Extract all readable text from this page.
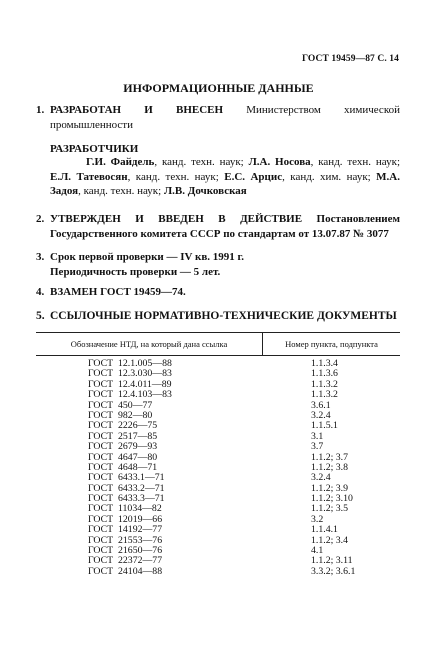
ГОСТ 19459—87 С. 14
ИНФОРМАЦИОННЫЕ ДАННЫЕ
1. РАЗРАБОТАН И ВНЕСЕН Министерством химической промышленности
РАЗРАБОТЧИКИ
Г.И. Файдель, канд. техн. наук; Л.А. Носова, канд. техн. наук; Е.Л. Татевосян, канд. техн. наук; Е.С. Арцис, канд. хим. наук; М.А. Задоя, канд. техн. наук; Л.В. Дочковская
2. УТВЕРЖДЕН И ВВЕДЕН В ДЕЙСТВИЕ Постановлением Государственного комитета СССР по стандартам от 13.07.87 № 3077
3. Срок первой проверки — IV кв. 1991 г.
Периодичность проверки — 5 лет.
4. ВЗАМЕН ГОСТ 19459—74.
5. ССЫЛОЧНЫЕ НОРМАТИВНО-ТЕХНИЧЕСКИЕ ДОКУМЕНТЫ
Обозначение НТД, на который дана ссылка	Номер пункта, подпункта
ГОСТ 12.1.005—88	1.1.3.4
ГОСТ 12.3.030—83	1.1.3.6
ГОСТ 12.4.011—89	1.1.3.2
ГОСТ 12.4.103—83	1.1.3.2
ГОСТ 450—77	3.6.1
ГОСТ 982—80	3.2.4
ГОСТ 2226—75	1.1.5.1
ГОСТ 2517—85	3.1
ГОСТ 2679—93	3.7
ГОСТ 4647—80	1.1.2; 3.7
ГОСТ 4648—71	1.1.2; 3.8
ГОСТ 6433.1—71	3.2.4
ГОСТ 6433.2—71	1.1.2; 3.9
ГОСТ 6433.3—71	1.1.2; 3.10
ГОСТ 11034—82	1.1.2; 3.5
ГОСТ 12019—66	3.2
ГОСТ 14192—77	1.1.4.1
ГОСТ 21553—76	1.1.2; 3.4
ГОСТ 21650—76	4.1
ГОСТ 22372—77	1.1.2; 3.11
ГОСТ 24104—88	3.3.2; 3.6.1
